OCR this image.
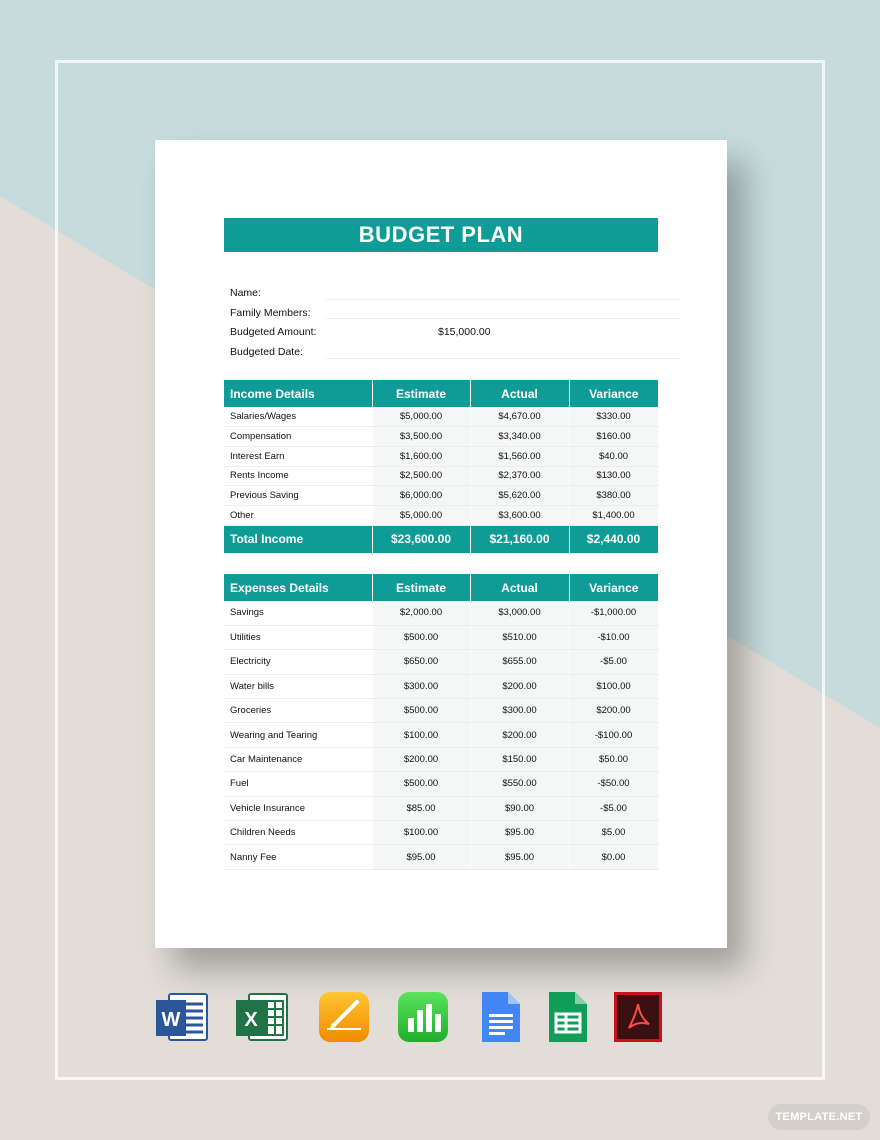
BUDGET PLAN
Name:
Family Members:
Budgeted Amount:	$15,000.00
Budgeted Date:
Income Details	Estimate	Actual	Variance
Salaries/Wages	$5,000.00	$4,670.00	$330.00
Compensation	$3,500.00	$3,340.00	$160.00
Interest Earn	$1,600.00	$1,560.00	$40.00
Rents Income	$2,500.00	$2,370.00	$130.00
Previous Saving	$6,000.00	$5,620.00	$380.00
Other	$5,000.00	$3,600.00	$1,400.00
Total Income	$23,600.00	$21,160.00	$2,440.00
Expenses Details	Estimate	Actual	Variance
Savings	$2,000.00	$3,000.00	-$1,000.00
Utilities	$500.00	$510.00	-$10.00
Electricity	$650.00	$655.00	-$5.00
Water bills	$300.00	$200.00	$100.00
Groceries	$500.00	$300.00	$200.00
Wearing and Tearing	$100.00	$200.00	-$100.00
Car Maintenance	$200.00	$150.00	$50.00
Fuel	$500.00	$550.00	-$50.00
Vehicle Insurance	$85.00	$90.00	-$5.00
Children Needs	$100.00	$95.00	$5.00
Nanny Fee	$95.00	$95.00	$0.00
W	X
TEMPLATE.NET
